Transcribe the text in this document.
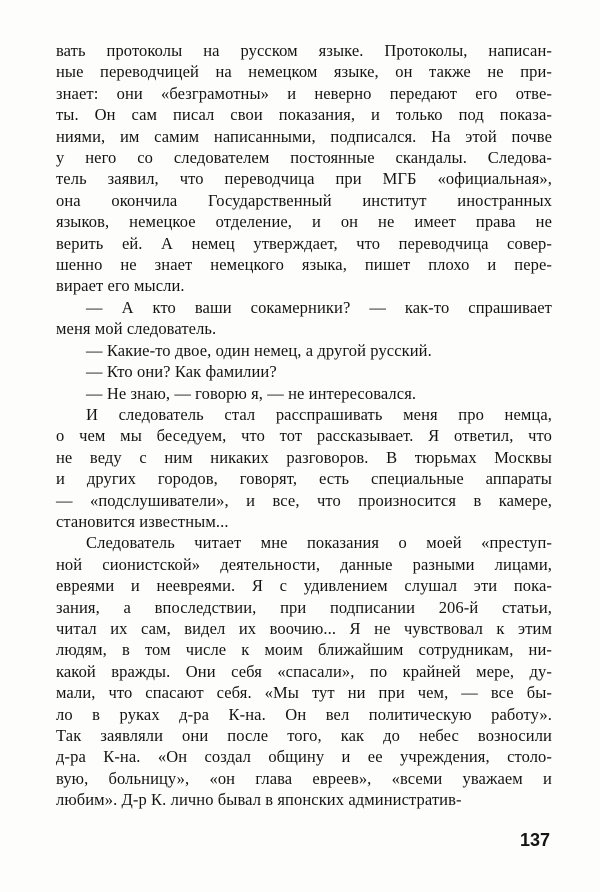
вать протоколы на русском языке. Протоколы, написан-
ные переводчицей на немецком языке, он также не при-
знает: они «безграмотны» и неверно передают его отве-
ты. Он сам писал свои показания, и только под показа-
ниями, им самим написанными, подписался. На этой почве
у него со следователем постоянные скандалы. Следова-
тель заявил, что переводчица при МГБ «официальная»,
она окончила Государственный институт иностранных
языков, немецкое отделение, и он не имеет права не
верить ей. А немец утверждает, что переводчица совер-
шенно не знает немецкого языка, пишет плохо и пере-
вирает его мысли.
— А кто ваши сокамерники? — как-то спрашивает
меня мой следователь.
— Какие-то двое, один немец, а другой русский.
— Кто они? Как фамилии?
— Не знаю, — говорю я, — не интересовался.
И следователь стал расспрашивать меня про немца,
о чем мы беседуем, что тот рассказывает. Я ответил, что
не веду с ним никаких разговоров. В тюрьмах Москвы
и других городов, говорят, есть специальные аппараты
— «подслушиватели», и все, что произносится в камере,
становится известным...
Следователь читает мне показания о моей «преступ-
ной сионистской» деятельности, данные разными лицами,
евреями и неевреями. Я с удивлением слушал эти пока-
зания, а впоследствии, при подписании 206-й статьи,
читал их сам, видел их воочию... Я не чувствовал к этим
людям, в том числе к моим ближайшим сотрудникам, ни-
какой вражды. Они себя «спасали», по крайней мере, ду-
мали, что спасают себя. «Мы тут ни при чем, — все бы-
ло в руках д-ра К-на. Он вел политическую работу».
Так заявляли они после того, как до небес возносили
д-ра К-на. «Он создал общину и ее учреждения, столо-
вую, больницу», «он глава евреев», «всеми уважаем и
любим». Д-р К. лично бывал в японских административ-
137
